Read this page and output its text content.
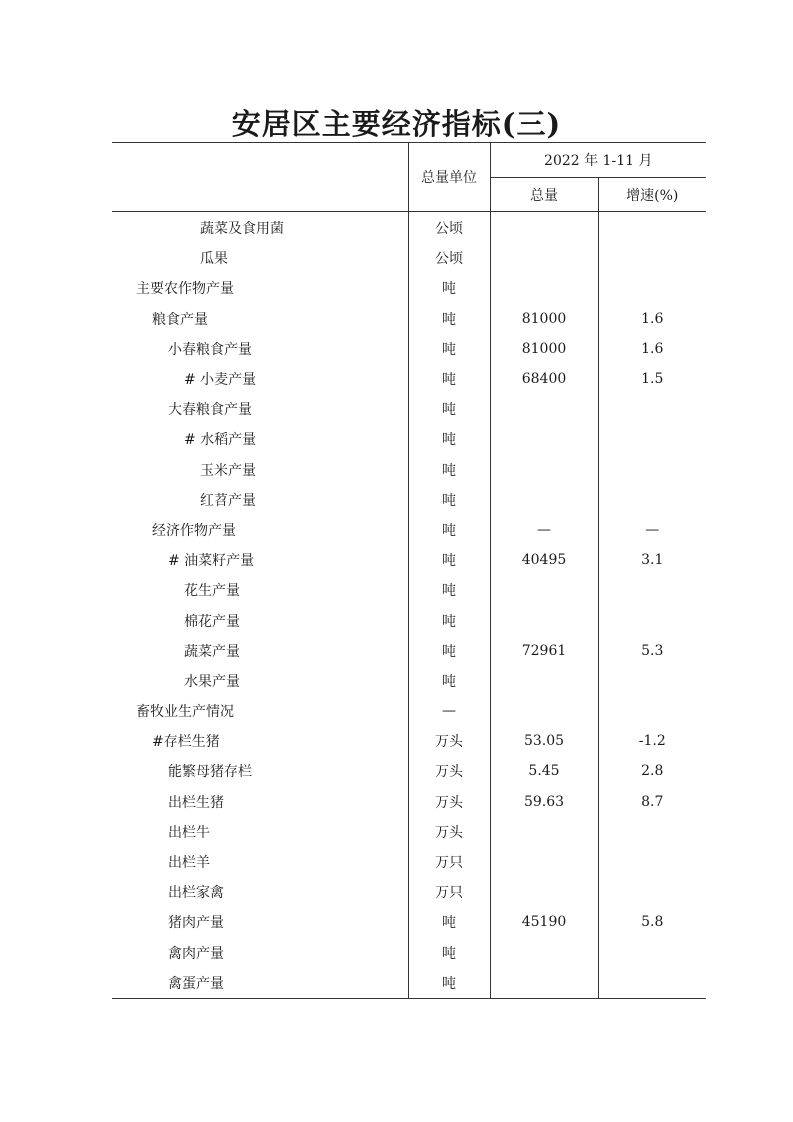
安居区主要经济指标(三)
	总量单位	2022 年 1-11 月	
		总量	增速(%)
蔬菜及食用菌	公顷		
瓜果	公顷		
主要农作物产量	吨		
粮食产量	吨	81000	1.6
小春粮食产量	吨	81000	1.6
# 小麦产量	吨	68400	1.5
大春粮食产量	吨		
# 水稻产量	吨		
玉米产量	吨		
红苕产量	吨		
经济作物产量	吨	—	—
# 油菜籽产量	吨	40495	3.1
花生产量	吨		
棉花产量	吨		
蔬菜产量	吨	72961	5.3
水果产量	吨		
畜牧业生产情况	—		
#存栏生猪	万头	53.05	-1.2
能繁母猪存栏	万头	5.45	2.8
出栏生猪	万头	59.63	8.7
出栏牛	万头		
出栏羊	万只		
出栏家禽	万只		
猪肉产量	吨	45190	5.8
禽肉产量	吨		
禽蛋产量	吨		
